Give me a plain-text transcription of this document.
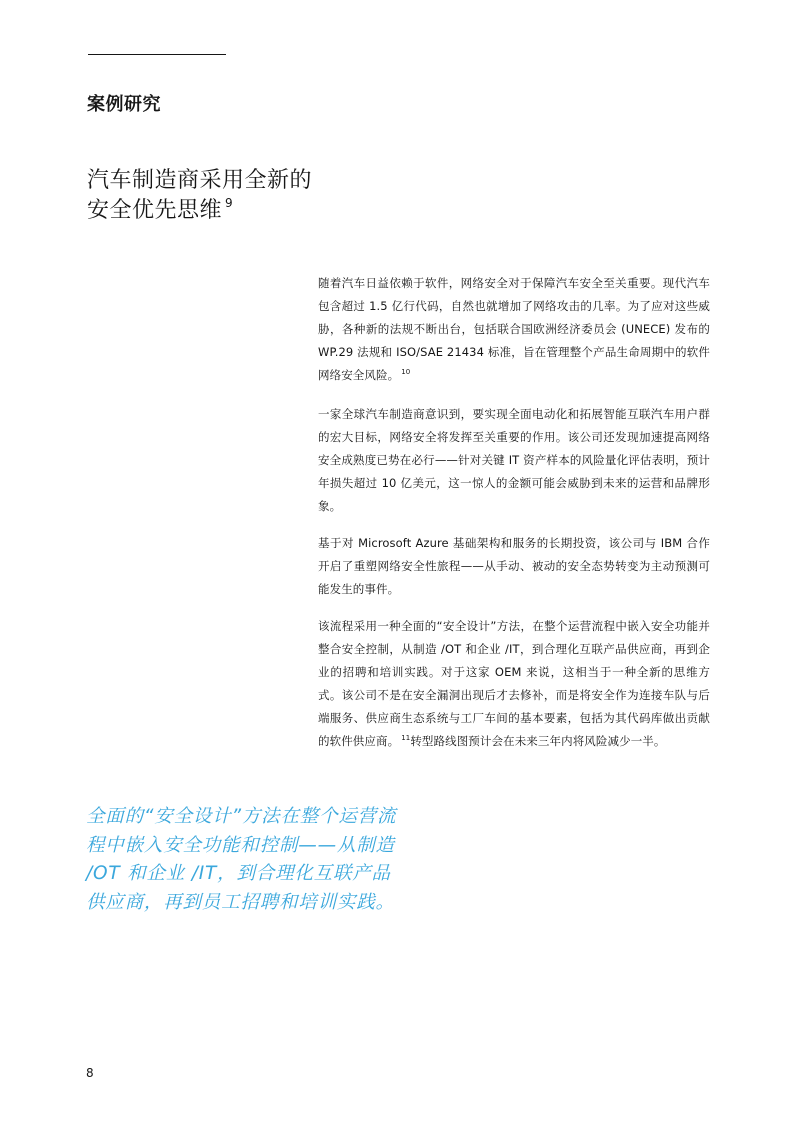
案例研究
汽车制造商采用全新的
安全优先思维 $^9$

随着汽车日益依赖于软件，网络安全对于保障汽车安全至关重要。现代汽车包含超过 1.5 亿行代码，自然也就增加了网络攻击的几率。为了应对这些威胁，各种新的法规不断出台，包括联合国欧洲经济委员会 (UNECE) 发布的 WP.29 法规和 ISO/SAE 21434 标准，旨在管理整个产品生命周期中的软件网络安全风险。 $^{10}$

一家全球汽车制造商意识到，要实现全面电动化和拓展智能互联汽车用户群的宏大目标，网络安全将发挥至关重要的作用。该公司还发现加速提高网络安全成熟度已势在必行——针对关键 IT 资产样本的风险量化评估表明，预计年损失超过 10 亿美元，这一惊人的金额可能会威胁到未来的运营和品牌形象。

基于对 Microsoft Azure 基础架构和服务的长期投资，该公司与 IBM 合作开启了重塑网络安全性旅程——从手动、被动的安全态势转变为主动预测可能发生的事件。

该流程采用一种全面的“安全设计”方法，在整个运营流程中嵌入安全功能并整合安全控制，从制造 /OT 和企业 /IT，到合理化互联产品供应商，再到企业的招聘和培训实践。对于这家 OEM 来说，这相当于一种全新的思维方式。该公司不是在安全漏洞出现后才去修补，而是将安全作为连接车队与后端服务、供应商生态系统与工厂车间的基本要素，包括为其代码库做出贡献的软件供应商。 $^{11}$转型路线图预计会在未来三年内将风险减少一半。

全面的“安全设计”方法在整个运营流程中嵌入安全功能和控制——从制造 /OT 和企业 /IT，到合理化互联产品供应商，再到员工招聘和培训实践。
8
